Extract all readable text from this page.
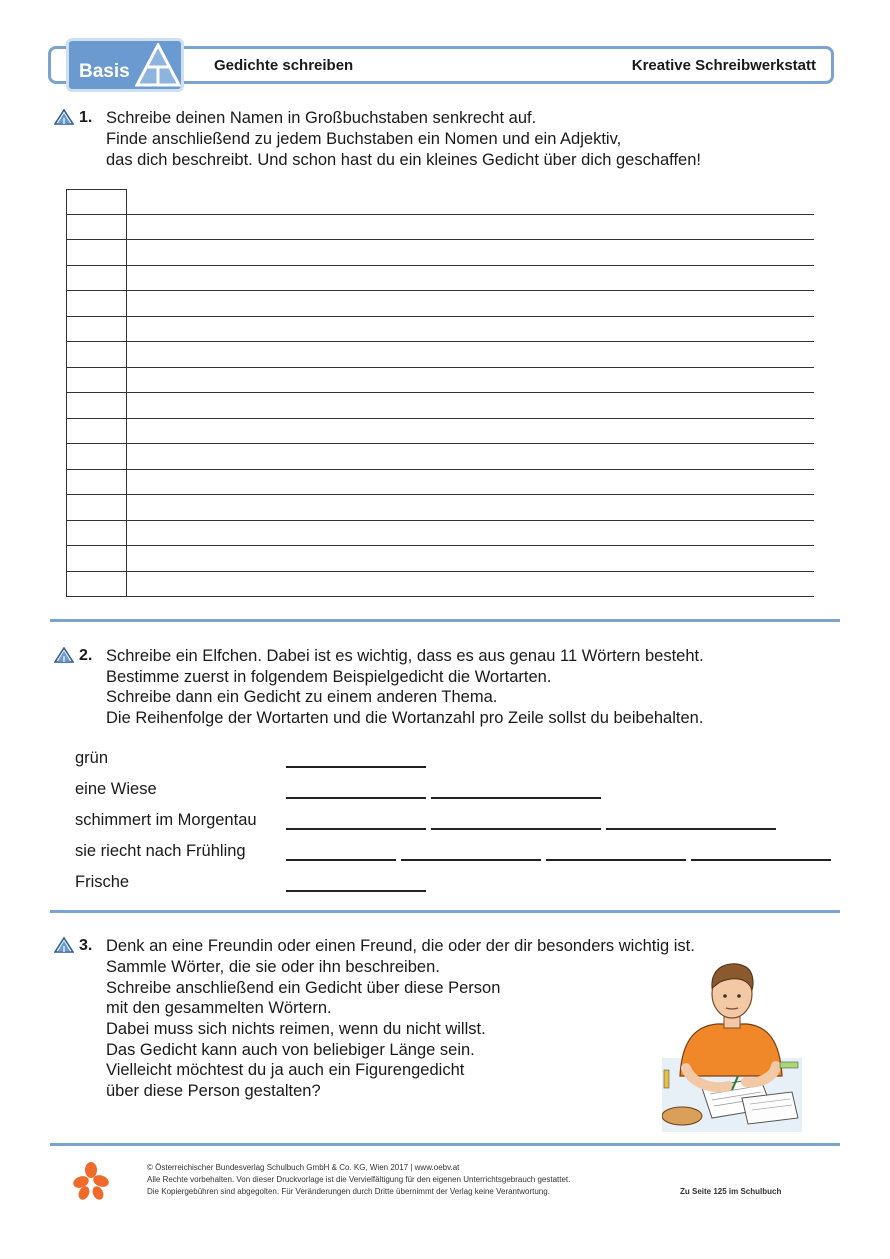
Basis	Gedichte schreiben	Kreative Schreibwerkstatt
1. Schreibe deinen Namen in Großbuchstaben senkrecht auf.
Finde anschließend zu jedem Buchstaben ein Nomen und ein Adjektiv,
das dich beschreibt. Und schon hast du ein kleines Gedicht über dich geschaffen!
2. Schreibe ein Elfchen. Dabei ist es wichtig, dass es aus genau 11 Wörtern besteht.
Bestimme zuerst in folgendem Beispielgedicht die Wortarten.
Schreibe dann ein Gedicht zu einem anderen Thema.
Die Reihenfolge der Wortarten und die Wortanzahl pro Zeile sollst du beibehalten.
grün
eine Wiese
schimmert im Morgentau
sie riecht nach Frühling
Frische
3. Denk an eine Freundin oder einen Freund, die oder der dir besonders wichtig ist.
Sammle Wörter, die sie oder ihn beschreiben.
Schreibe anschließend ein Gedicht über diese Person
mit den gesammelten Wörtern.
Dabei muss sich nichts reimen, wenn du nicht willst.
Das Gedicht kann auch von beliebiger Länge sein.
Vielleicht möchtest du ja auch ein Figurengedicht
über diese Person gestalten?
© Österreichischer Bundesverlag Schulbuch GmbH & Co. KG, Wien 2017 | www.oebv.at
Alle Rechte vorbehalten. Von dieser Druckvorlage ist die Vervielfältigung für den eigenen Unterrichtsgebrauch gestattet.
Die Kopiergebühren sind abgegolten. Für Veränderungen durch Dritte übernimmt der Verlag keine Verantwortung.	Zu Seite 125 im Schulbuch
